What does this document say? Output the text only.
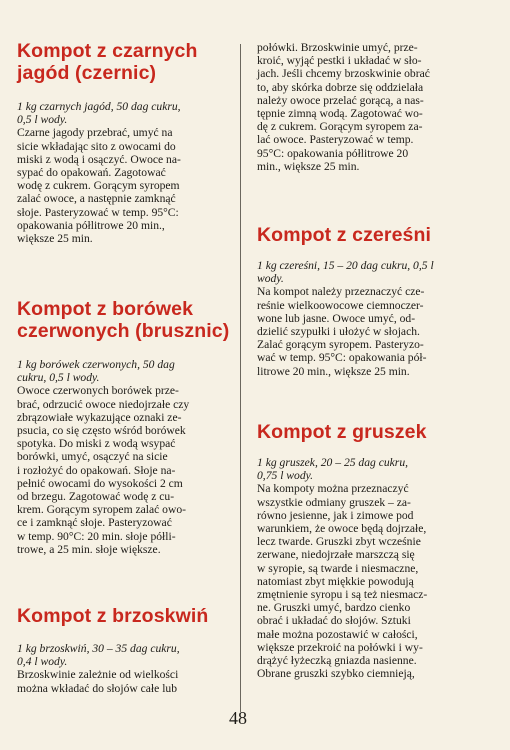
Kompot z czarnych
jagód (czernic)

1 kg czarnych jagód, 50 dag cukru,
0,5 l wody.

Czarne jagody przebrać, umyć na
sicie wkładając sito z owocami do
miski z wodą i osączyć. Owoce na-
sypać do opakowań. Zagotować
wodę z cukrem. Gorącym syropem
zalać owoce, a następnie zamknąć
słoje. Pasteryzować w temp. 95°C:
opakowania półlitrowe 20 min.,
większe 25 min.

Kompot z borówek
czerwonych (brusznic)

1 kg borówek czerwonych, 50 dag
cukru, 0,5 l wody.

Owoce czerwonych borówek prze-
brać, odrzucić owoce niedojrzałe czy
zbrązowiałe wykazujące oznaki ze-
psucia, co się często wśród borówek
spotyka. Do miski z wodą wsypać
borówki, umyć, osączyć na sicie
i rozłożyć do opakowań. Słoje na-
pełnić owocami do wysokości 2 cm
od brzegu. Zagotować wodę z cu-
krem. Gorącym syropem zalać owo-
ce i zamknąć słoje. Pasteryzować
w temp. 90°C: 20 min. słoje półli-
trowe, a 25 min. słoje większe.

Kompot z brzoskwiń

1 kg brzoskwiń, 30 – 35 dag cukru,
0,4 l wody.

Brzoskwinie zależnie od wielkości
można wkładać do słojów całe lub

połówki. Brzoskwinie umyć, prze-
kroić, wyjąć pestki i układać w sło-
jach. Jeśli chcemy brzoskwinie obrać
to, aby skórka dobrze się oddzielała
należy owoce przelać gorącą, a nas-
tępnie zimną wodą. Zagotować wo-
dę z cukrem. Gorącym syropem za-
lać owoce. Pasteryzować w temp.
95°C: opakowania półlitrowe 20
min., większe 25 min.

Kompot z czereśni

1 kg czereśni, 15 – 20 dag cukru, 0,5 l
wody.

Na kompot należy przeznaczyć cze-
reśnie wielkoowocowe ciemnoczer-
wone lub jasne. Owoce umyć, od-
dzielić szypułki i ułożyć w słojach.
Zalać gorącym syropem. Pasteryzo-
wać w temp. 95°C: opakowania pół-
litrowe 20 min., większe 25 min.

Kompot z gruszek

1 kg gruszek, 20 – 25 dag cukru,
0,75 l wody.

Na kompoty można przeznaczyć
wszystkie odmiany gruszek – za-
równo jesienne, jak i zimowe pod
warunkiem, że owoce będą dojrzałe,
lecz twarde. Gruszki zbyt wcześnie
zerwane, niedojrzałe marszczą się
w syropie, są twarde i niesmaczne,
natomiast zbyt miękkie powodują
zmętnienie syropu i są też niesmacz-
ne. Gruszki umyć, bardzo cienko
obrać i układać do słojów. Sztuki
małe można pozostawić w całości,
większe przekroić na połówki i wy-
drążyć łyżeczką gniazda nasienne.
Obrane gruszki szybko ciemnieją,

48
